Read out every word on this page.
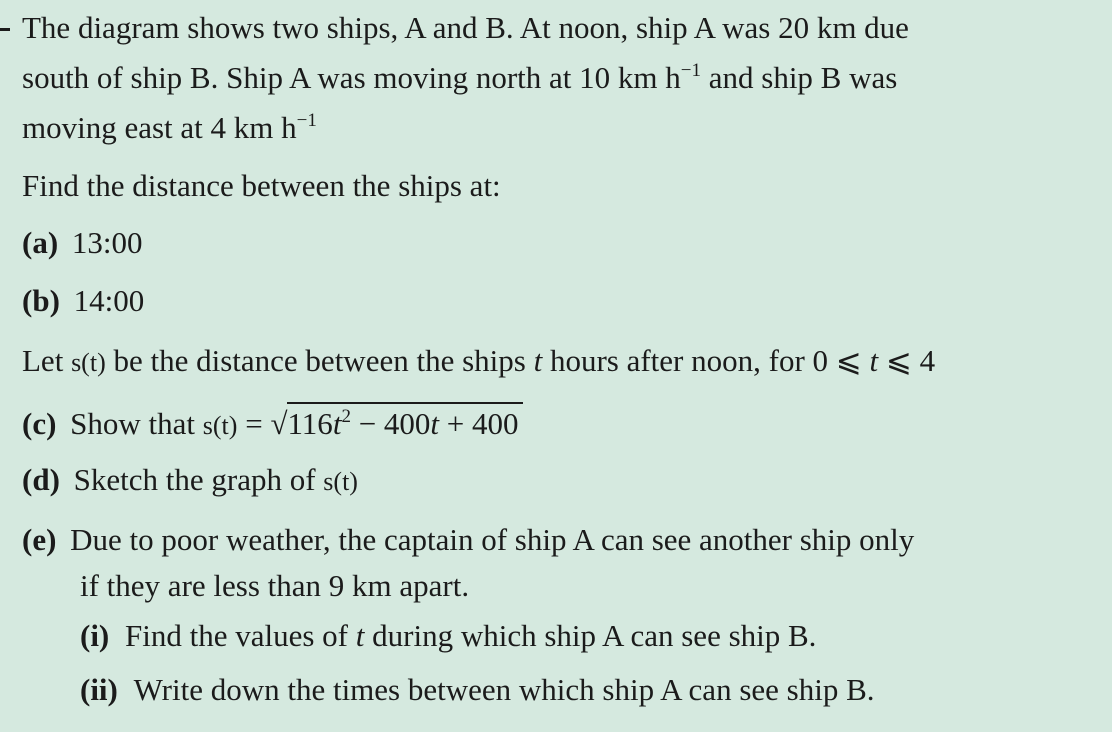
The diagram shows two ships, A and B. At noon, ship A was 20 km due
south of ship B. Ship A was moving north at 10 km $h^{-1}$ and ship B was
moving east at 4 km $h^{-1}$
Find the distance between the ships at:
(a) 13:00
(b) 14:00
Let s(t) be the distance between the ships t hours after noon, for 0 ⩽ t ⩽ 4
(c) Show that $s(t) = √116t^2 - 400t + 400$
(d) Sketch the graph of s(t)
(e) Due to poor weather, the captain of ship A can see another ship only
if they are less than 9 km apart.
(i) Find the values of t during which ship A can see ship B.
(ii) Write down the times between which ship A can see ship B.
